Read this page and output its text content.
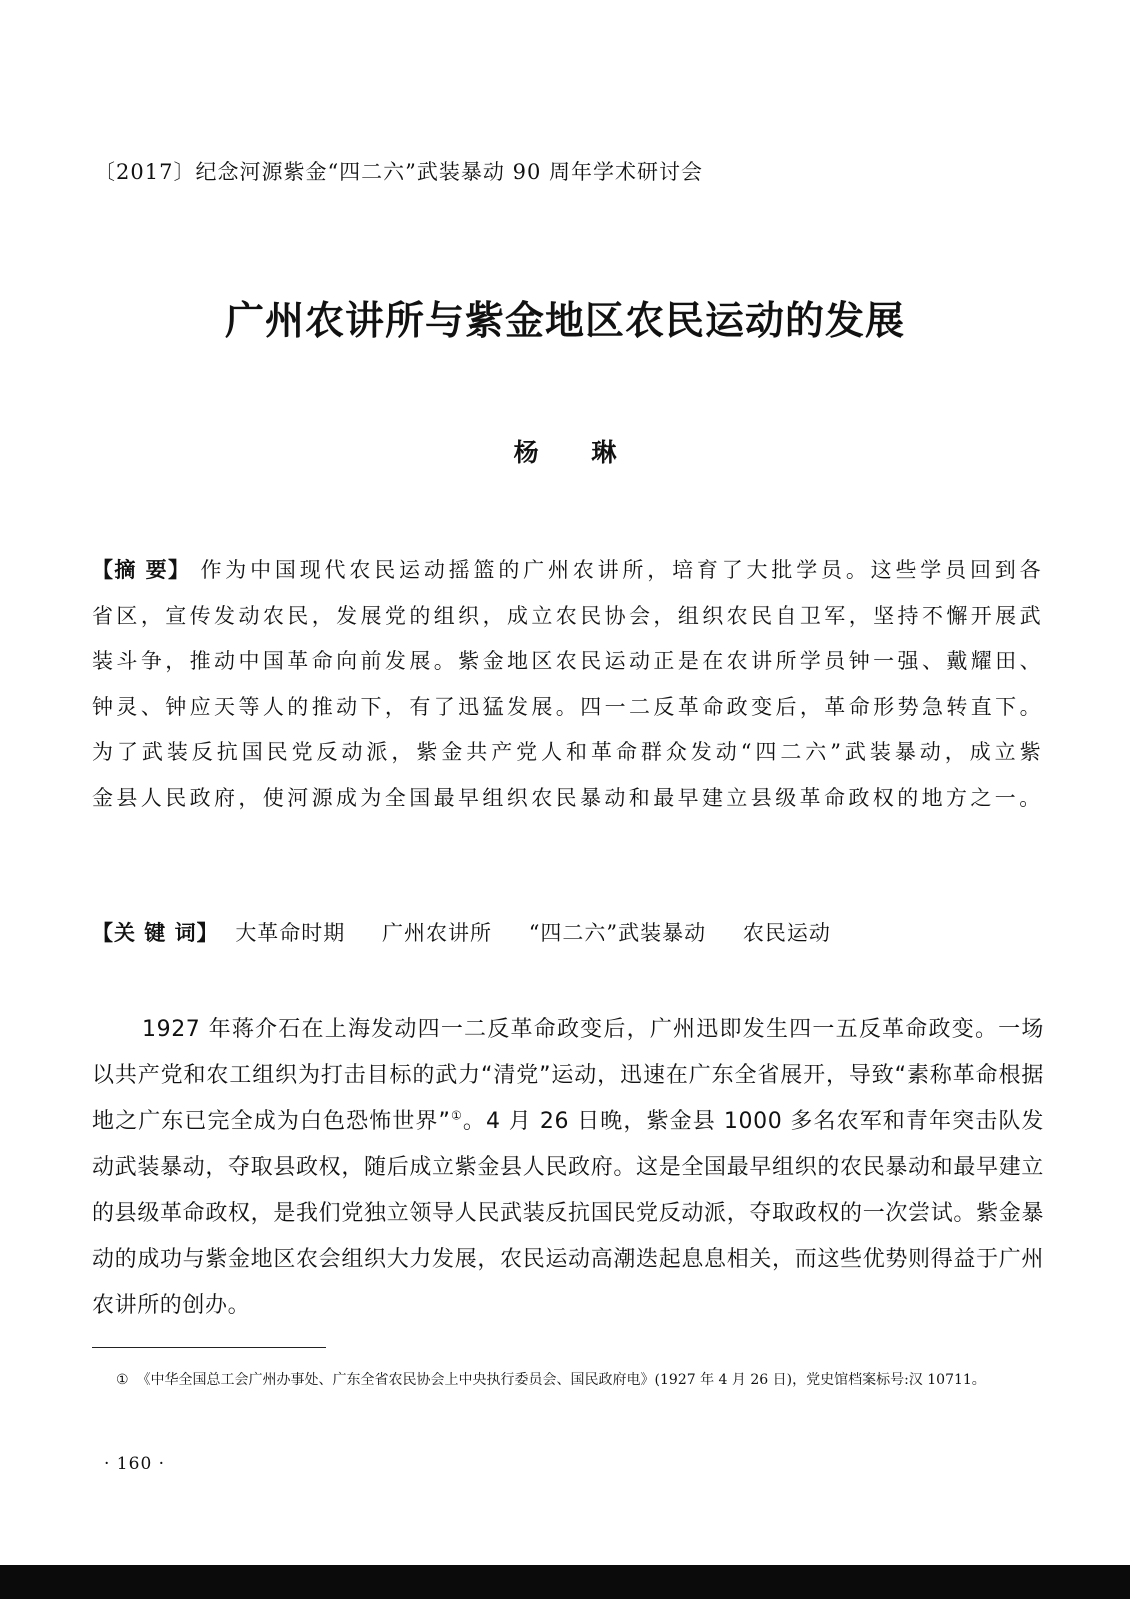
〔2017〕纪念河源紫金“四二六”武装暴动 90 周年学术研讨会
广州农讲所与紫金地区农民运动的发展
杨 琳
【摘 要】 作为中国现代农民运动摇篮的广州农讲所，培育了大批学员。这些学员回到各省区，宣传发动农民，发展党的组织，成立农民协会，组织农民自卫军，坚持不懈开展武装斗争，推动中国革命向前发展。紫金地区农民运动正是在农讲所学员钟一强、戴耀田、钟灵、钟应天等人的推动下，有了迅猛发展。四一二反革命政变后，革命形势急转直下。为了武装反抗国民党反动派，紫金共产党人和革命群众发动“四二六”武装暴动，成立紫金县人民政府，使河源成为全国最早组织农民暴动和最早建立县级革命政权的地方之一。
【关 键 词】 大革命时期 广州农讲所 “四二六”武装暴动 农民运动
1927 年蒋介石在上海发动四一二反革命政变后，广州迅即发生四一五反革命政变。一场以共产党和农工组织为打击目标的武力“清党”运动，迅速在广东全省展开，导致“素称革命根据地之广东已完全成为白色恐怖世界”①。4 月 26 日晚，紫金县 1000 多名农军和青年突击队发动武装暴动，夺取县政权，随后成立紫金县人民政府。这是全国最早组织的农民暴动和最早建立的县级革命政权，是我们党独立领导人民武装反抗国民党反动派，夺取政权的一次尝试。紫金暴动的成功与紫金地区农会组织大力发展，农民运动高潮迭起息息相关，而这些优势则得益于广州农讲所的创办。
① 《中华全国总工会广州办事处、广东全省农民协会上中央执行委员会、国民政府电》(1927 年 4 月 26 日)，党史馆档案标号:汉 10711。
· 160 ·
